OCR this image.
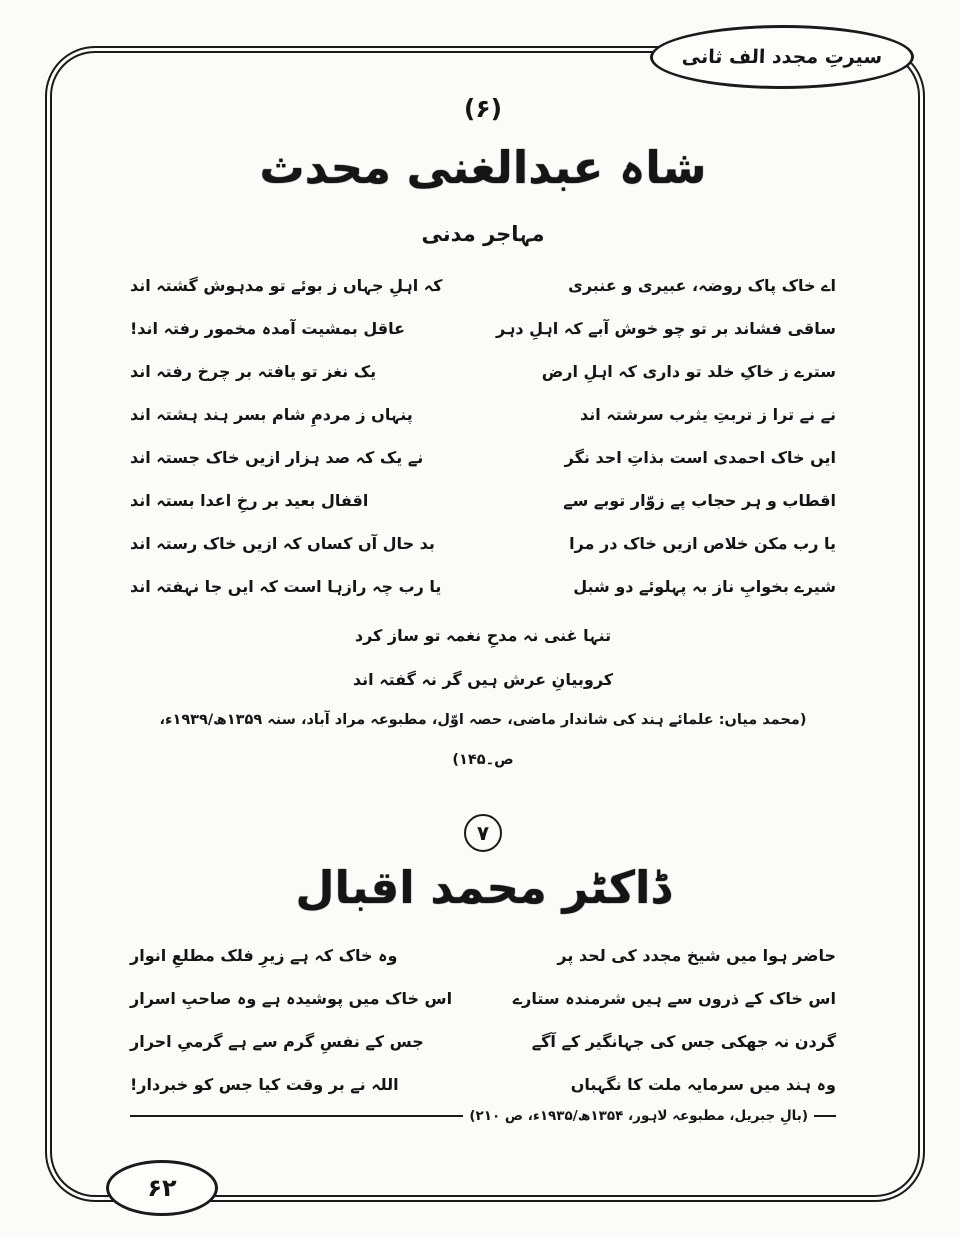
سیرتِ مجدد الف ثانی
(۶)
شاہ عبدالغنی محدث
مہاجر مدنی
اے خاک پاک روضہ، عبیری و عنبری
کہ اہلِ جہاں ز بوئے تو مدہوش گشتہ اند
ساقی فشاند بر تو چو خوش آبے کہ اہلِ دہر
عاقل بمشیت آمدہ مخمور رفتہ اند!
سترے ز خاکِ خلد تو داری کہ اہلِ ارض
یک نغز تو یافتہ بر چرخ رفتہ اند
نے نے ترا ز تربتِ یثرب سرشتہ اند
پنہاں ز مردمِ شام بسر ہند ہشتہ اند
ایں خاک احمدی است بذاتِ احد نگر
نے یک کہ صد ہزار ازیں خاک جستہ اند
اقطاب و ہر حجاب پے زوّار توبے سے
اقفال بعید بر رخِ اعدا بستہ اند
یا رب مکن خلاص ازیں خاک در مرا
بد حال آں کساں کہ ازیں خاک رستہ اند
شیرے بخوابِ ناز بہ پہلوئے دو شبل
یا رب چہ رازہا است کہ ایں جا نہفتہ اند
تنہا غنی نہ مدحِ نغمہ تو ساز کرد
کروبیانِ عرش ہیں گر نہ گفتہ اند
(محمد میاں: علمائے ہند کی شاندار ماضی، حصہ اوّل، مطبوعہ مراد آباد، سنہ ۱۳۵۹ھ/۱۹۳۹ء،
ص۔۱۴۵)
۷
ڈاکٹر محمد اقبال
حاضر ہوا میں شیخ مجدد کی لحد پر
وہ خاک کہ ہے زیرِ فلک مطلعِ انوار
اس خاک کے ذروں سے ہیں شرمندہ ستارے
اس خاک میں پوشیدہ ہے وہ صاحبِ اسرار
گردن نہ جھکی جس کی جہانگیر کے آگے
جس کے نفسِ گرم سے ہے گرمیِ احرار
وہ ہند میں سرمایہ ملت کا نگہباں
اللہ نے بر وقت کیا جس کو خبردار!
(بالِ جبریل، مطبوعہ لاہور، ۱۳۵۴ھ/۱۹۳۵ء، ص ۲۱۰)
۶۲
